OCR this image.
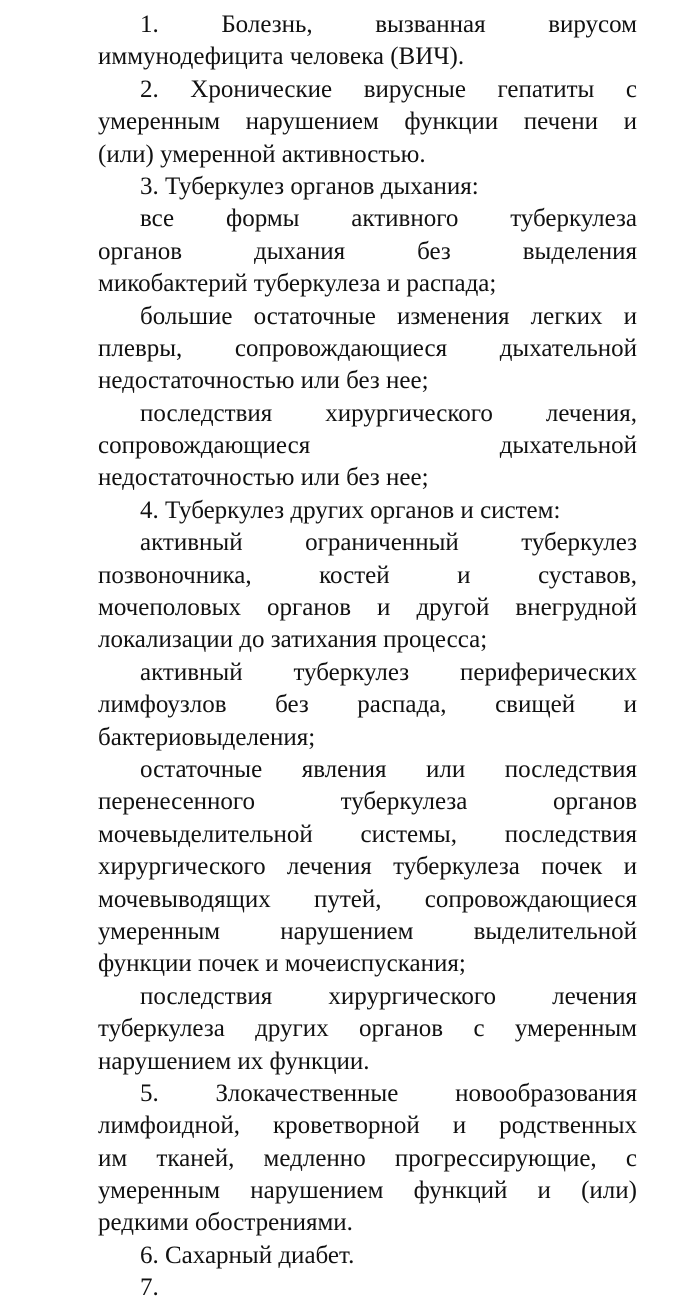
1. Болезнь, вызванная вирусом
иммунодефицита человека (ВИЧ).
2. Хронические вирусные гепатиты с
умеренным нарушением функции печени и
(или) умеренной активностью.
3. Туберкулез органов дыхания:
все формы активного туберкулеза
органов дыхания без выделения
микобактерий туберкулеза и распада;
большие остаточные изменения легких и
плевры, сопровождающиеся дыхательной
недостаточностью или без нее;
последствия хирургического лечения,
сопровождающиеся дыхательной
недостаточностью или без нее;
4. Туберкулез других органов и систем:
активный ограниченный туберкулез
позвоночника, костей и суставов,
мочеполовых органов и другой внегрудной
локализации до затихания процесса;
активный туберкулез периферических
лимфоузлов без распада, свищей и
бактериовыделения;
остаточные явления или последствия
перенесенного туберкулеза органов
мочевыделительной системы, последствия
хирургического лечения туберкулеза почек и
мочевыводящих путей, сопровождающиеся
умеренным нарушением выделительной
функции почек и мочеиспускания;
последствия хирургического лечения
туберкулеза других органов с умеренным
нарушением их функции.
5. Злокачественные новообразования
лимфоидной, кроветворной и родственных
им тканей, медленно прогрессирующие, с
умеренным нарушением функций и (или)
редкими обострениями.
6. Сахарный диабет.
7.
